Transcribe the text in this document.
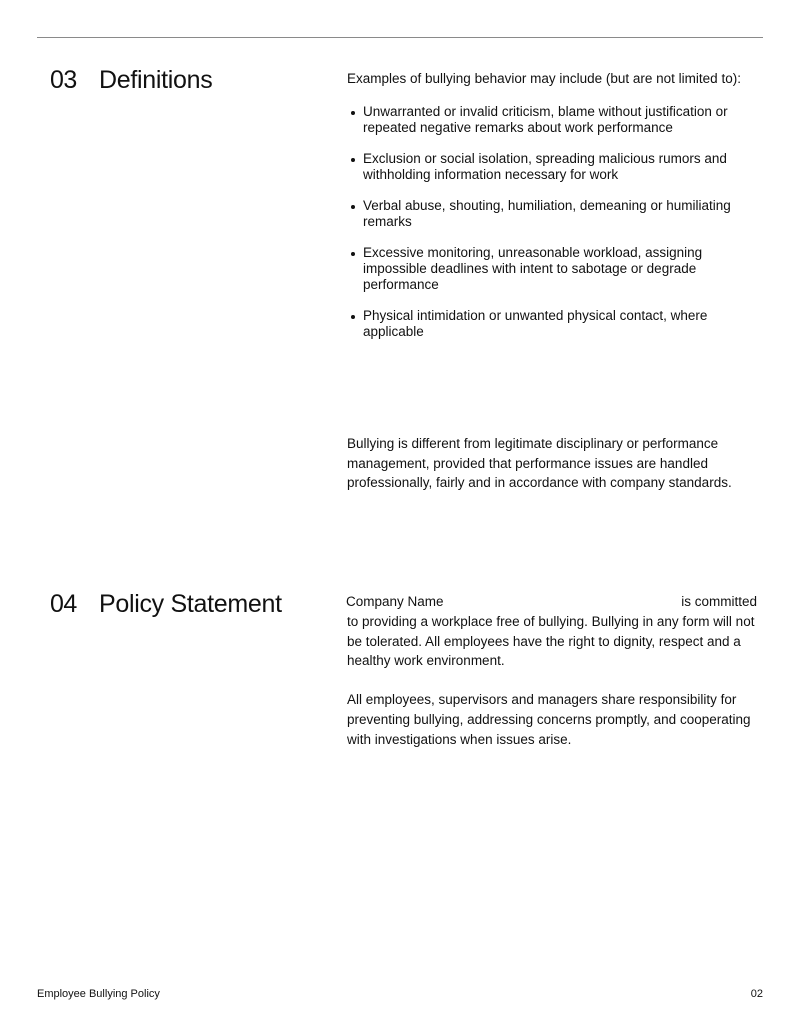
03 Definitions	Examples of bullying behavior may include (but are not limited to):

Unwarranted or invalid criticism, blame without justification or repeated negative remarks about work performance
Exclusion or social isolation, spreading malicious rumors and withholding information necessary for work
Verbal abuse, shouting, humiliation, demeaning or humiliating remarks
Excessive monitoring, unreasonable workload, assigning impossible deadlines with intent to sabotage or degrade performance
Physical intimidation or unwanted physical contact, where applicable

Bullying is different from legitimate disciplinary or performance management, provided that performance issues are handled professionally, fairly and in accordance with company standards.

04 Policy Statement	Company Name	is committed

to providing a workplace free of bullying. Bullying in any form will not be tolerated. All employees have the right to dignity, respect and a healthy work environment.

All employees, supervisors and managers share responsibility for preventing bullying, addressing concerns promptly, and cooperating with investigations when issues arise.

Employee Bullying Policy	02
